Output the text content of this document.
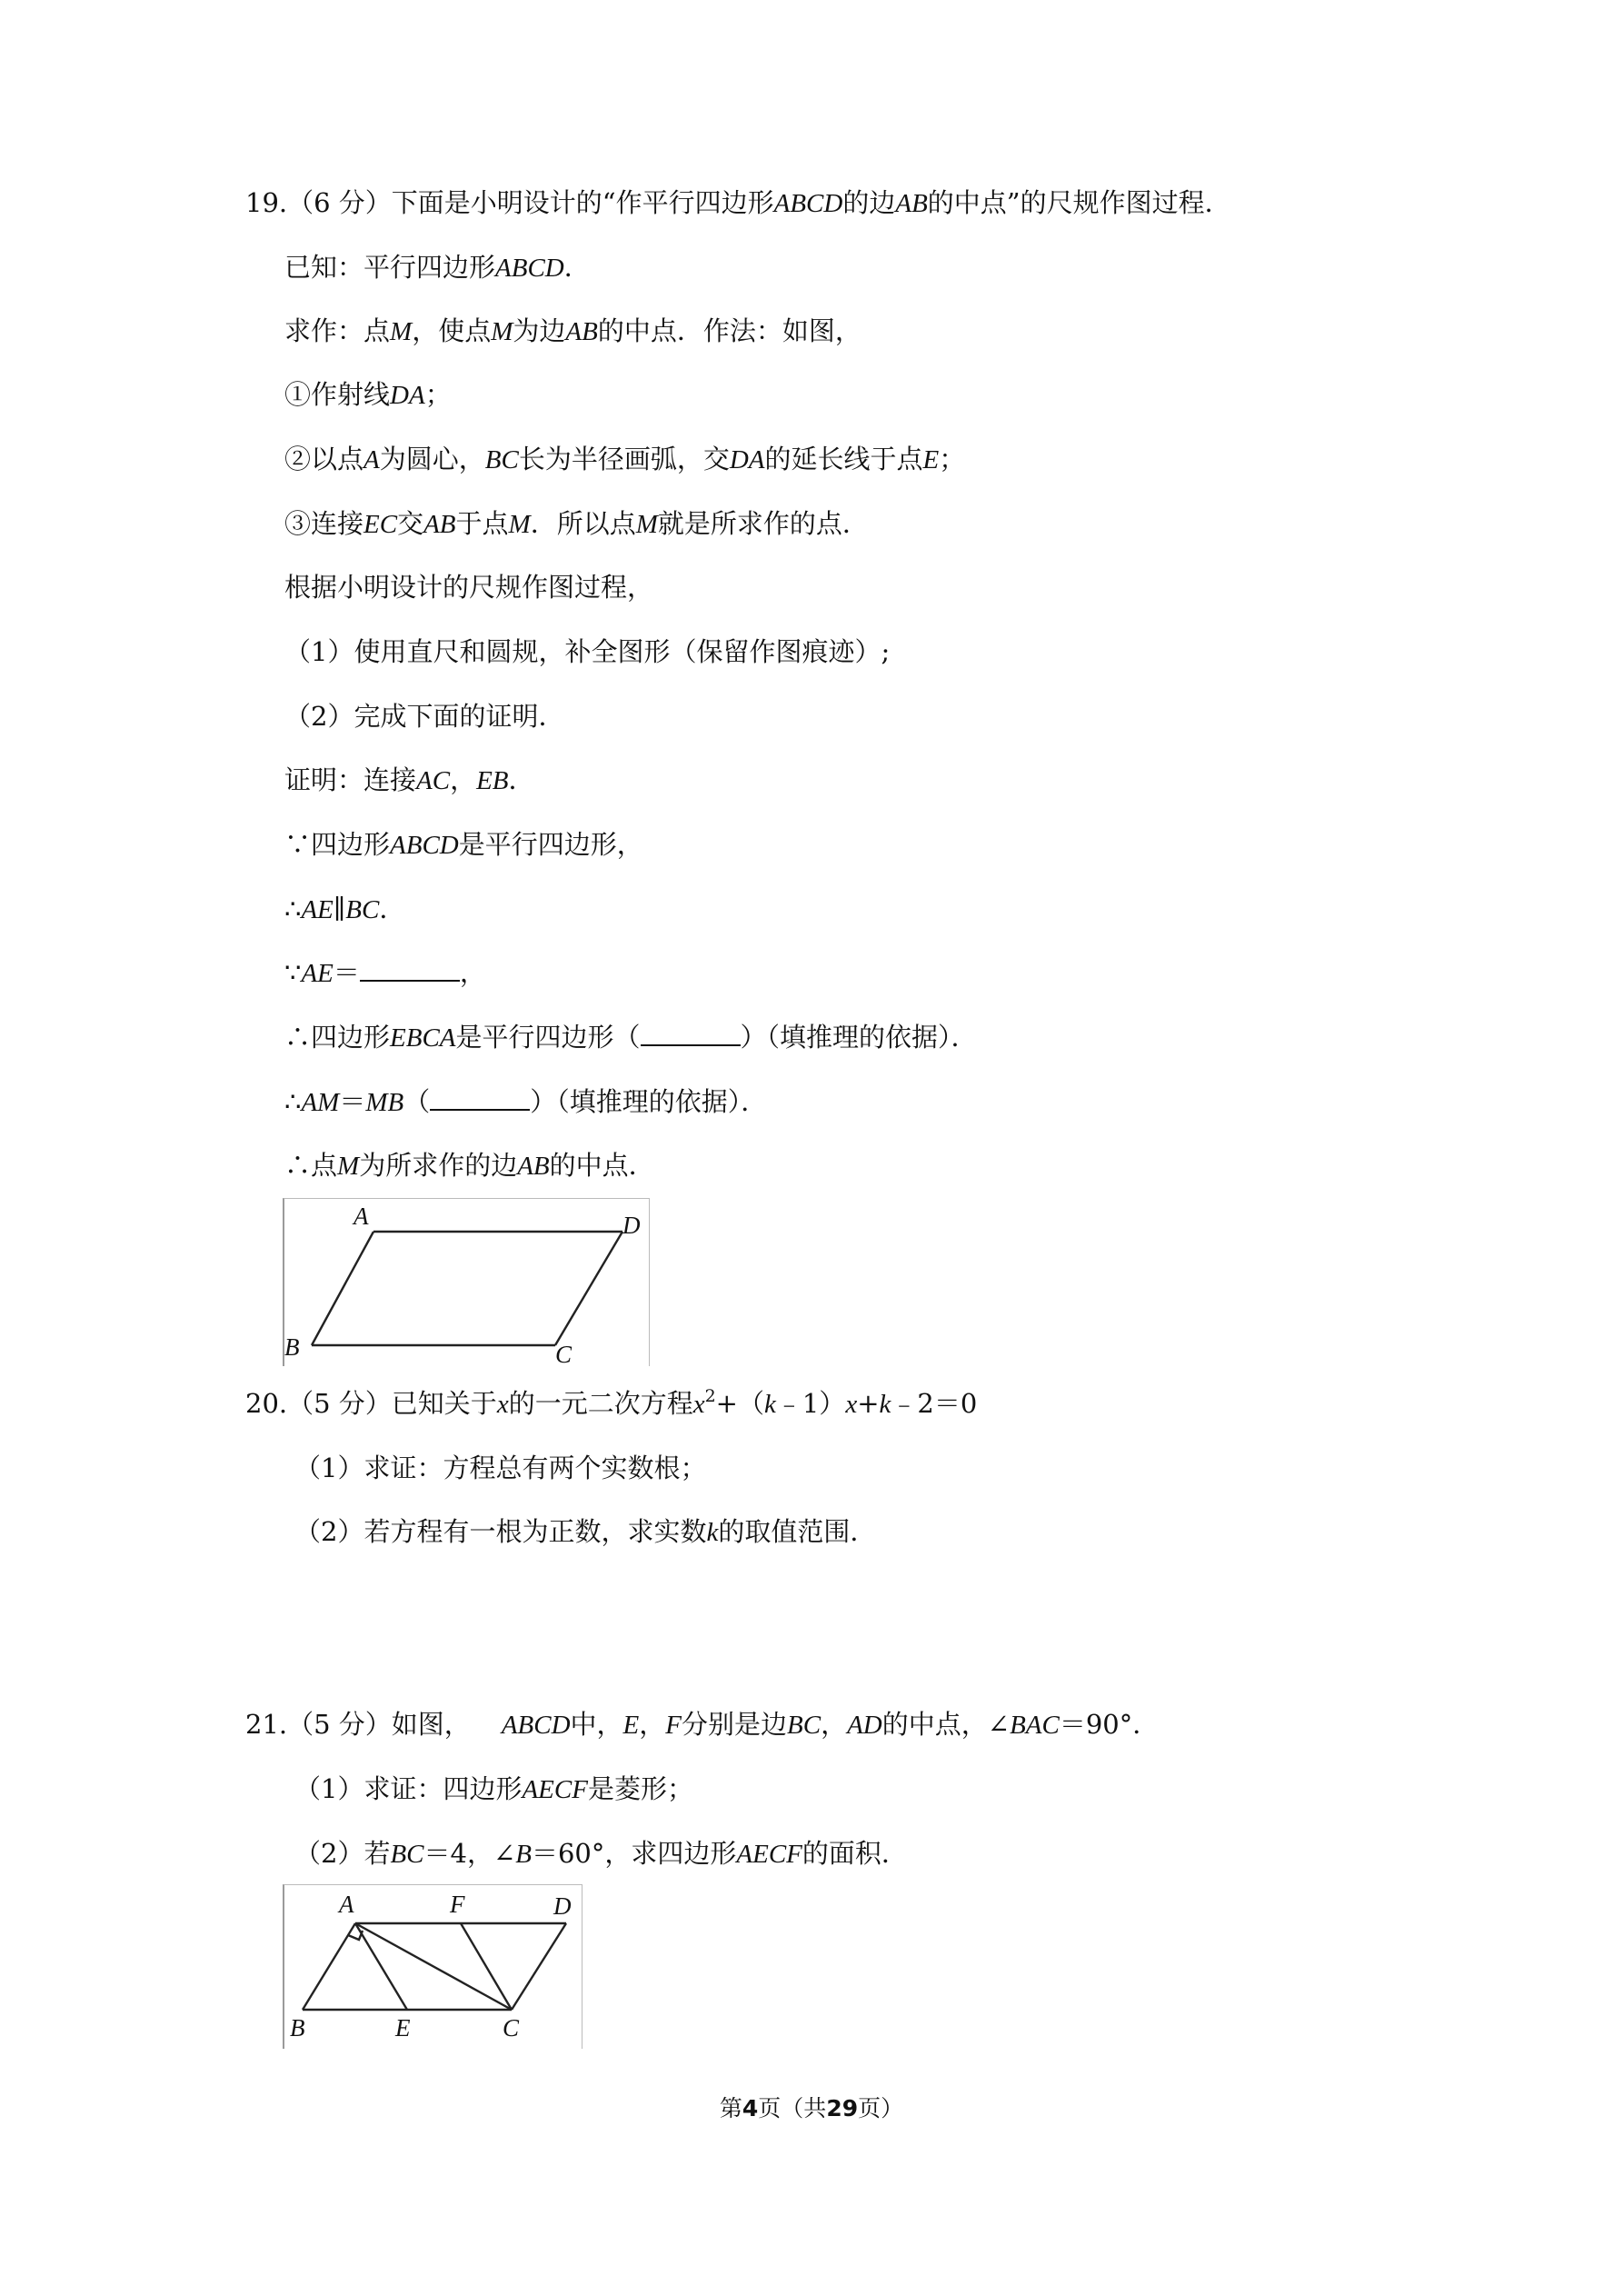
19.（6 分）下面是小明设计的“作平行四边形ABCD的边AB的中点”的尺规作图过程．
已知：平行四边形ABCD．
求作：点M，使点M为边AB的中点．作法：如图，
①作射线DA；
②以点A为圆心，BC长为半径画弧，交DA的延长线于点E；
③连接EC交AB于点M．所以点M就是所求作的点．
根据小明设计的尺规作图过程，
（1）使用直尺和圆规，补全图形（保留作图痕迹）;
（2）完成下面的证明．
证明：连接AC，EB．
∵四边形ABCD是平行四边形，
∴AE∥BC．
∵AE＝	，
∴四边形EBCA是平行四边形（	）（填推理的依据）．
∴AM＝MB（	）（填推理的依据）．
∴点M为所求作的边AB的中点．
A	D
B	C
20.（5 分）已知关于x的一元二次方程$x^2+(k﹣1)x+k﹣2=0$
（1）求证：方程总有两个实数根；
（2）若方程有一根为正数，求实数k的取值范围．
21.（5 分）如图， ABCD中，E，F分别是边BC，AD的中点，∠BAC＝90°．
（1）求证：四边形AECF是菱形；
（2）若BC＝4，∠B＝60°，求四边形AECF的面积．
A	F	D
B	E	C
第4页（共29页）
